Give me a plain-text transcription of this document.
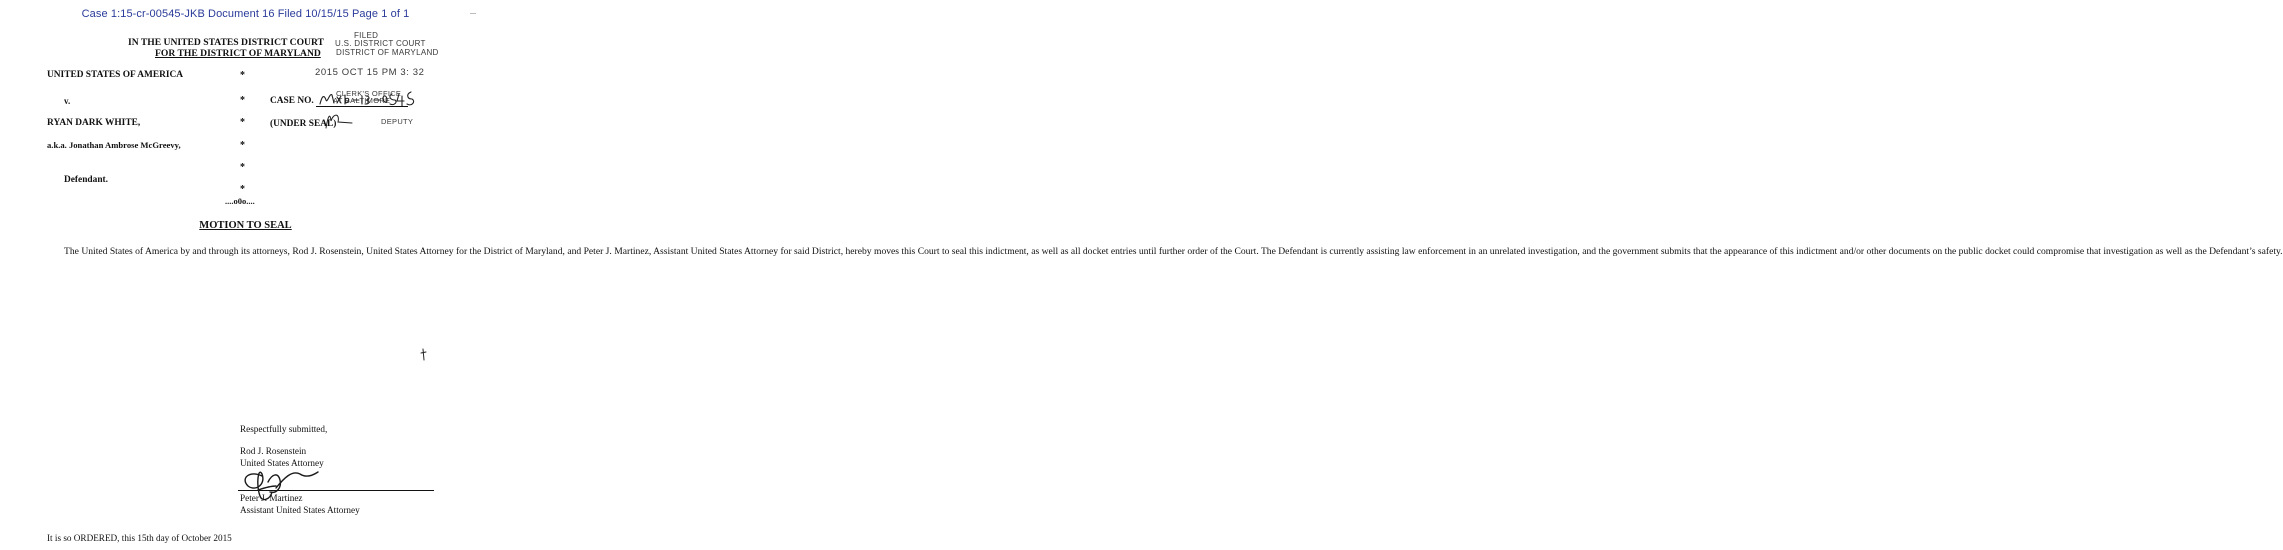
Case 1:15-cr-00545-JKB Document 16 Filed 10/15/15 Page 1 of 1
IN THE UNITED STATES DISTRICT COURT
FOR THE DISTRICT OF MARYLAND
FILED
U.S. DISTRICT COURT
DISTRICT OF MARYLAND
2015 OCT 15 PM 3: 32
CLERK'S OFFICE
AT BALTIMORE
DEPUTY
UNITED STATES OF AMERICA
v.
RYAN DARK WHITE,
a.k.a. Jonathan Ambrose McGreevy,
Defendant.
*
*
*
*
*
*
....o0o....
CASE NO.
(UNDER SEAL)
MOTION TO SEAL

The United States of America by and through its attorneys, Rod J. Rosenstein, United States Attorney for the District of Maryland, and Peter J. Martinez, Assistant United States Attorney for said District, hereby moves this Court to seal this indictment, as well as all docket entries until further order of the Court. The Defendant is currently assisting law enforcement in an unrelated investigation, and the government submits that the appearance of this indictment and/or other documents on the public docket could compromise that investigation as well as the Defendant’s safety.

Respectfully submitted,
Rod J. Rosenstein
United States Attorney
Peter J. Martinez
Assistant United States Attorney
It is so ORDERED, this 15th day of October 2015
